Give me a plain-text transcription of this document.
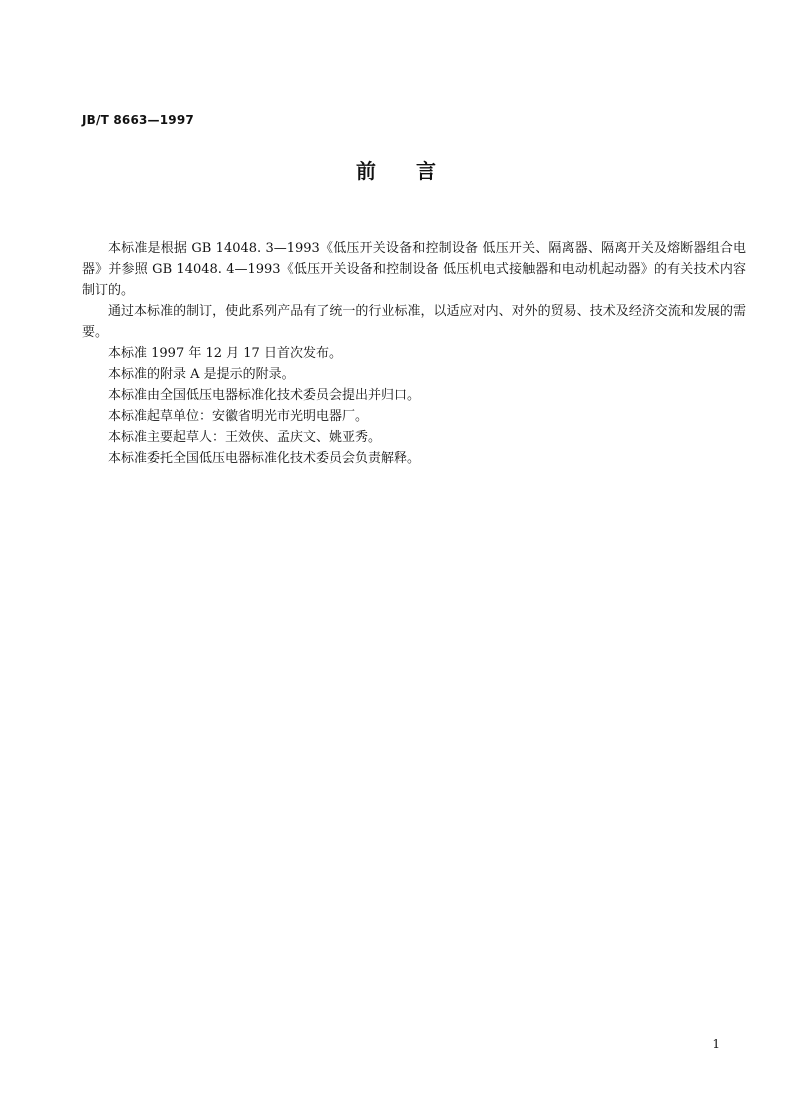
JB/T 8663—1997
前言

本标准是根据 GB 14048. 3—1993《低压开关设备和控制设备 低压开关、隔离器、隔离开关及熔断器组合电器》并参照 GB 14048. 4—1993《低压开关设备和控制设备 低压机电式接触器和电动机起动器》的有关技术内容制订的。

通过本标准的制订，使此系列产品有了统一的行业标准，以适应对内、对外的贸易、技术及经济交流和发展的需要。

本标准 1997 年 12 月 17 日首次发布。

本标准的附录 A 是提示的附录。

本标准由全国低压电器标准化技术委员会提出并归口。

本标准起草单位：安徽省明光市光明电器厂。

本标准主要起草人：王效侠、孟庆文、姚亚秀。

本标准委托全国低压电器标准化技术委员会负责解释。

1
